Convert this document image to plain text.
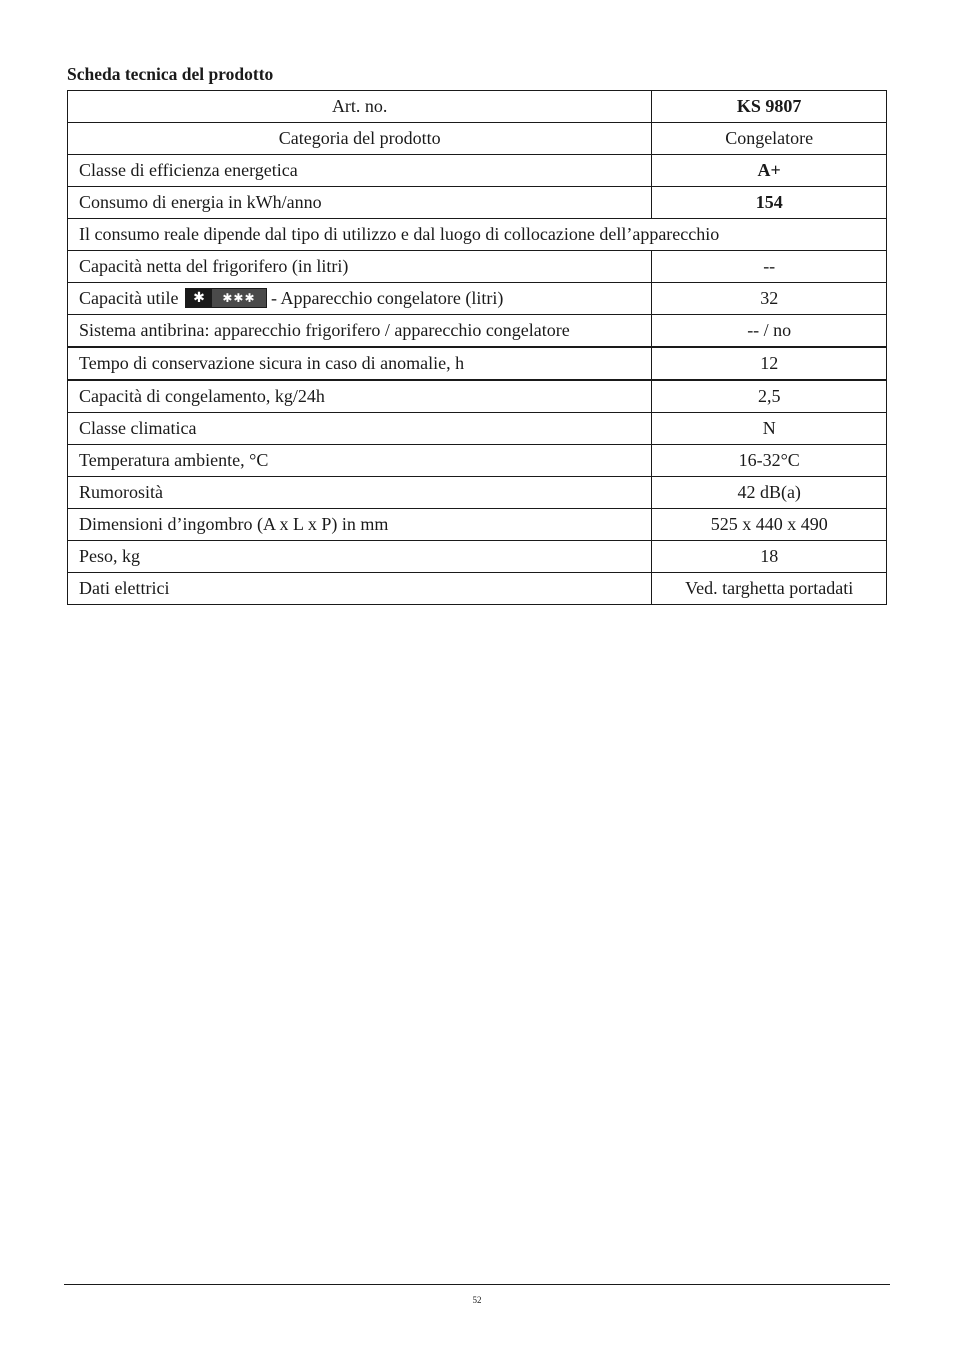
Scheda tecnica del prodotto
Art. no.	KS 9807
Categoria del prodotto	Congelatore
Classe di efficienza energetica	A+
Consumo di energia in kWh/anno	154
Il consumo reale dipende dal tipo di utilizzo e dal luogo di collocazione dell’apparecchio	
Capacità netta del frigorifero (in litri)	--
Capacità utile ✱ ✱✱✱ - Apparecchio congelatore (litri)	32
Sistema antibrina: apparecchio frigorifero / apparecchio congelatore	-- / no
Tempo di conservazione sicura in caso di anomalie, h	12
Capacità di congelamento, kg/24h	2,5
Classe climatica	N
Temperatura ambiente, °C	16-32°C
Rumorosità	42 dB(a)
Dimensioni d’ingombro (A x L x P) in mm	525 x 440 x 490
Peso, kg	18
Dati elettrici	Ved. targhetta portadati
52
